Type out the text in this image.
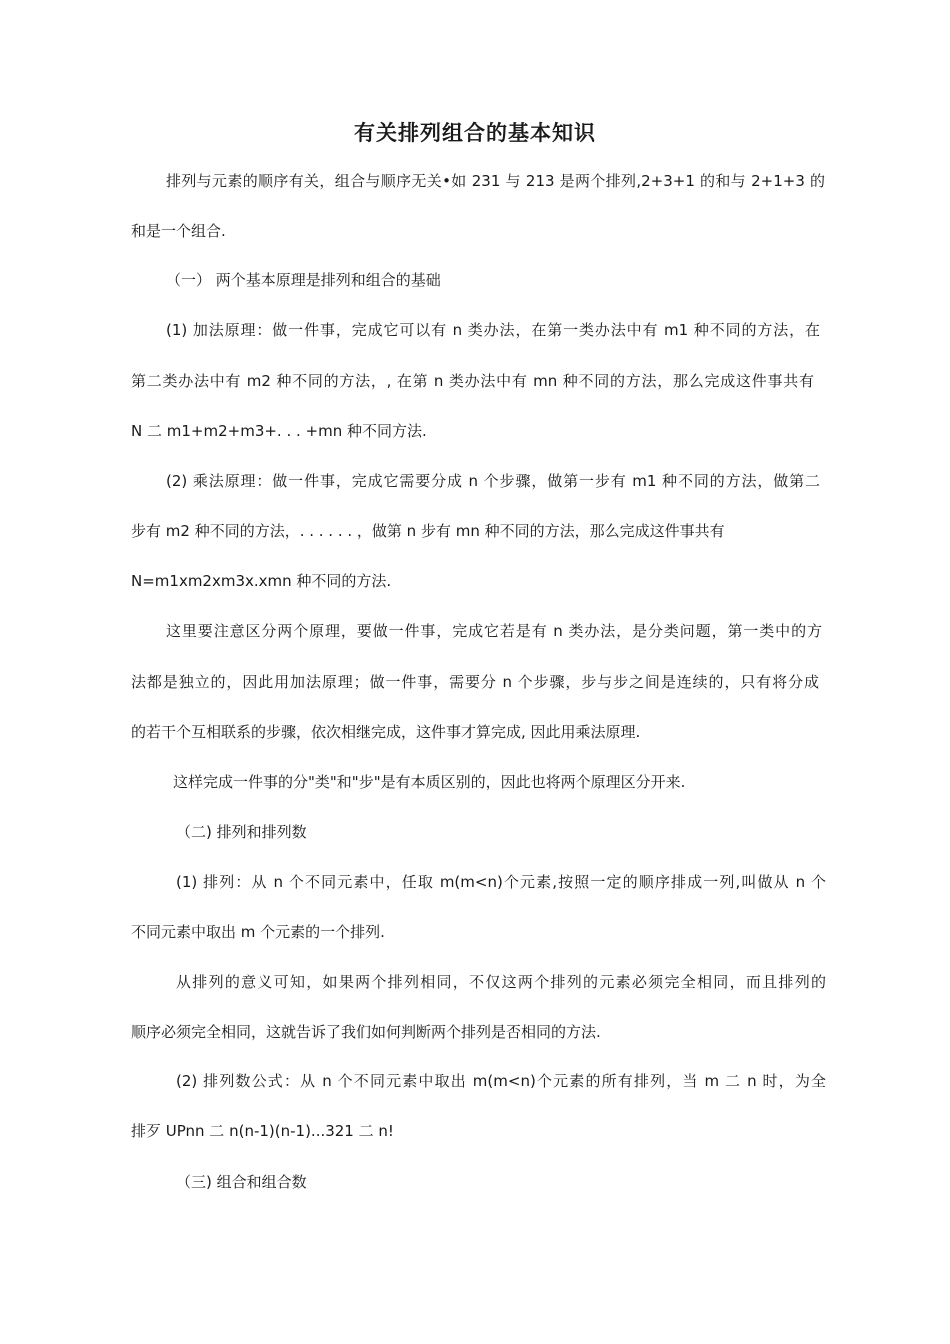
有关排列组合的基本知识
排列与元素的顺序有关，组合与顺序无关•如 231 与 213 是两个排列,2+3+1 的和与 2+1+3 的
和是一个组合.
（一） 两个基本原理是排列和组合的基础
(1) 加法原理：做一件事，完成它可以有 n 类办法，在第一类办法中有 m1 种不同的方法，在
第二类办法中有 m2 种不同的方法，, 在第 n 类办法中有 mn 种不同的方法，那么完成这件事共有
N 二 m1+m2+m3+. . . +mn 种不同方法.
(2) 乘法原理：做一件事，完成它需要分成 n 个步骤，做第一步有 m1 种不同的方法，做第二
步有 m2 种不同的方法，. . . . . . ，做第 n 步有 mn 种不同的方法，那么完成这件事共有
N=m1xm2xm3x.xmn 种不同的方法.
这里要注意区分两个原理，要做一件事，完成它若是有 n 类办法，是分类问题，第一类中的方
法都是独立的，因此用加法原理；做一件事，需要分 n 个步骤，步与步之间是连续的，只有将分成
的若干个互相联系的步骤，依次相继完成，这件事才算完成, 因此用乘法原理.
这样完成一件事的分"类"和"步"是有本质区别的，因此也将两个原理区分开来.
（二) 排列和排列数
(1) 排列：从 n 个不同元素中，任取 m(m<n)个元素,按照一定的顺序排成一列,叫做从 n 个
不同元素中取出 m 个元素的一个排列.
从排列的意义可知，如果两个排列相同，不仅这两个排列的元素必须完全相同，而且排列的
顺序必须完全相同，这就告诉了我们如何判断两个排列是否相同的方法.
(2) 排列数公式：从 n 个不同元素中取出 m(m<n)个元素的所有排列，当 m 二 n 时，为全
排歹 UPnn 二 n(n-1)(n-1)...321 二 n!
（三) 组合和组合数
